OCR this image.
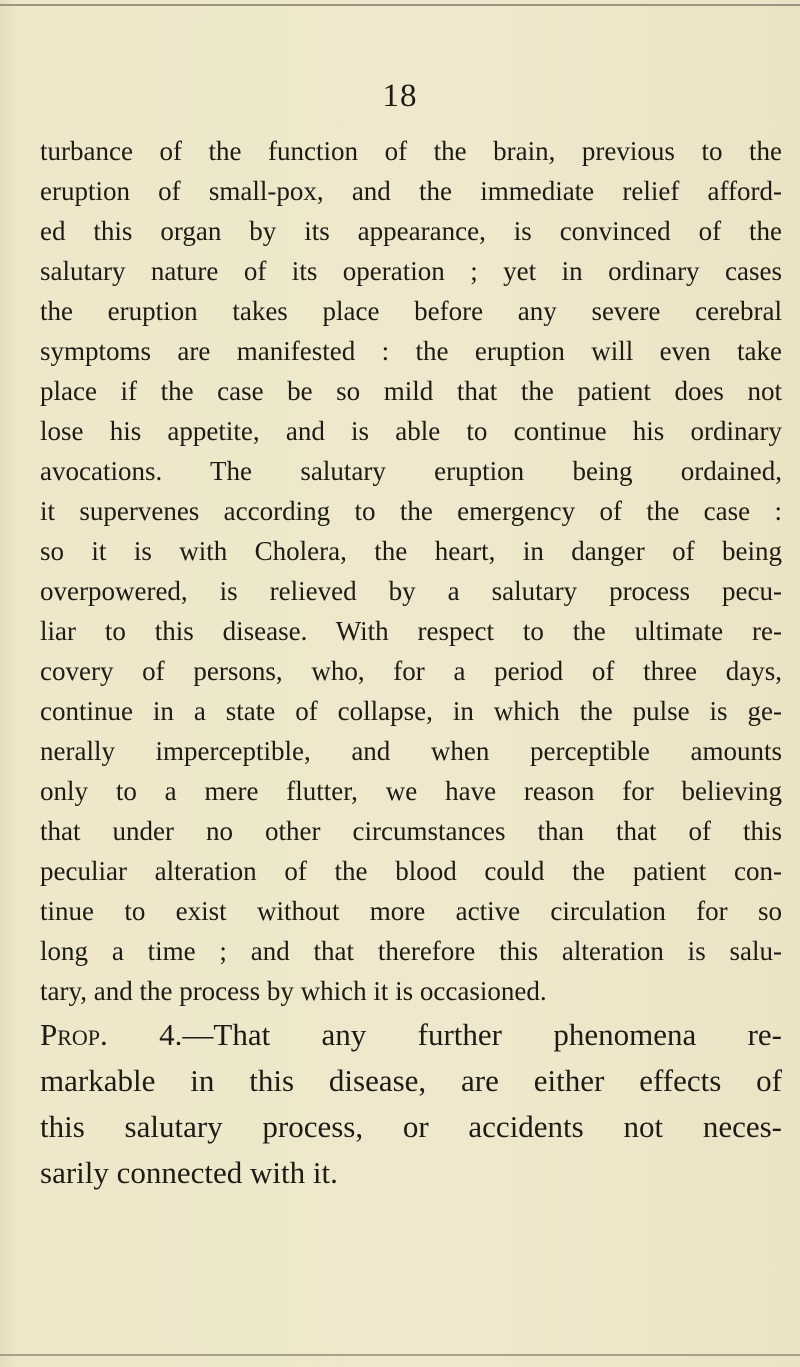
18
turbance of the function of the brain, previous to the
eruption of small-pox, and the immediate relief afford-
ed this organ by its appearance, is convinced of the
salutary nature of its operation ; yet in ordinary cases
the eruption takes place before any severe cerebral
symptoms are manifested : the eruption will even take
place if the case be so mild that the patient does not
lose his appetite, and is able to continue his ordinary
avocations. The salutary eruption being ordained,
it supervenes according to the emergency of the case :
so it is with Cholera, the heart, in danger of being
overpowered, is relieved by a salutary process pecu-
liar to this disease. With respect to the ultimate re-
covery of persons, who, for a period of three days,
continue in a state of collapse, in which the pulse is ge-
nerally imperceptible, and when perceptible amounts
only to a mere flutter, we have reason for believing
that under no other circumstances than that of this
peculiar alteration of the blood could the patient con-
tinue to exist without more active circulation for so
long a time ; and that therefore this alteration is salu-
tary, and the process by which it is occasioned.
Prop. 4.—That any further phenomena re-
markable in this disease, are either effects of
this salutary process, or accidents not neces-
sarily connected with it.
